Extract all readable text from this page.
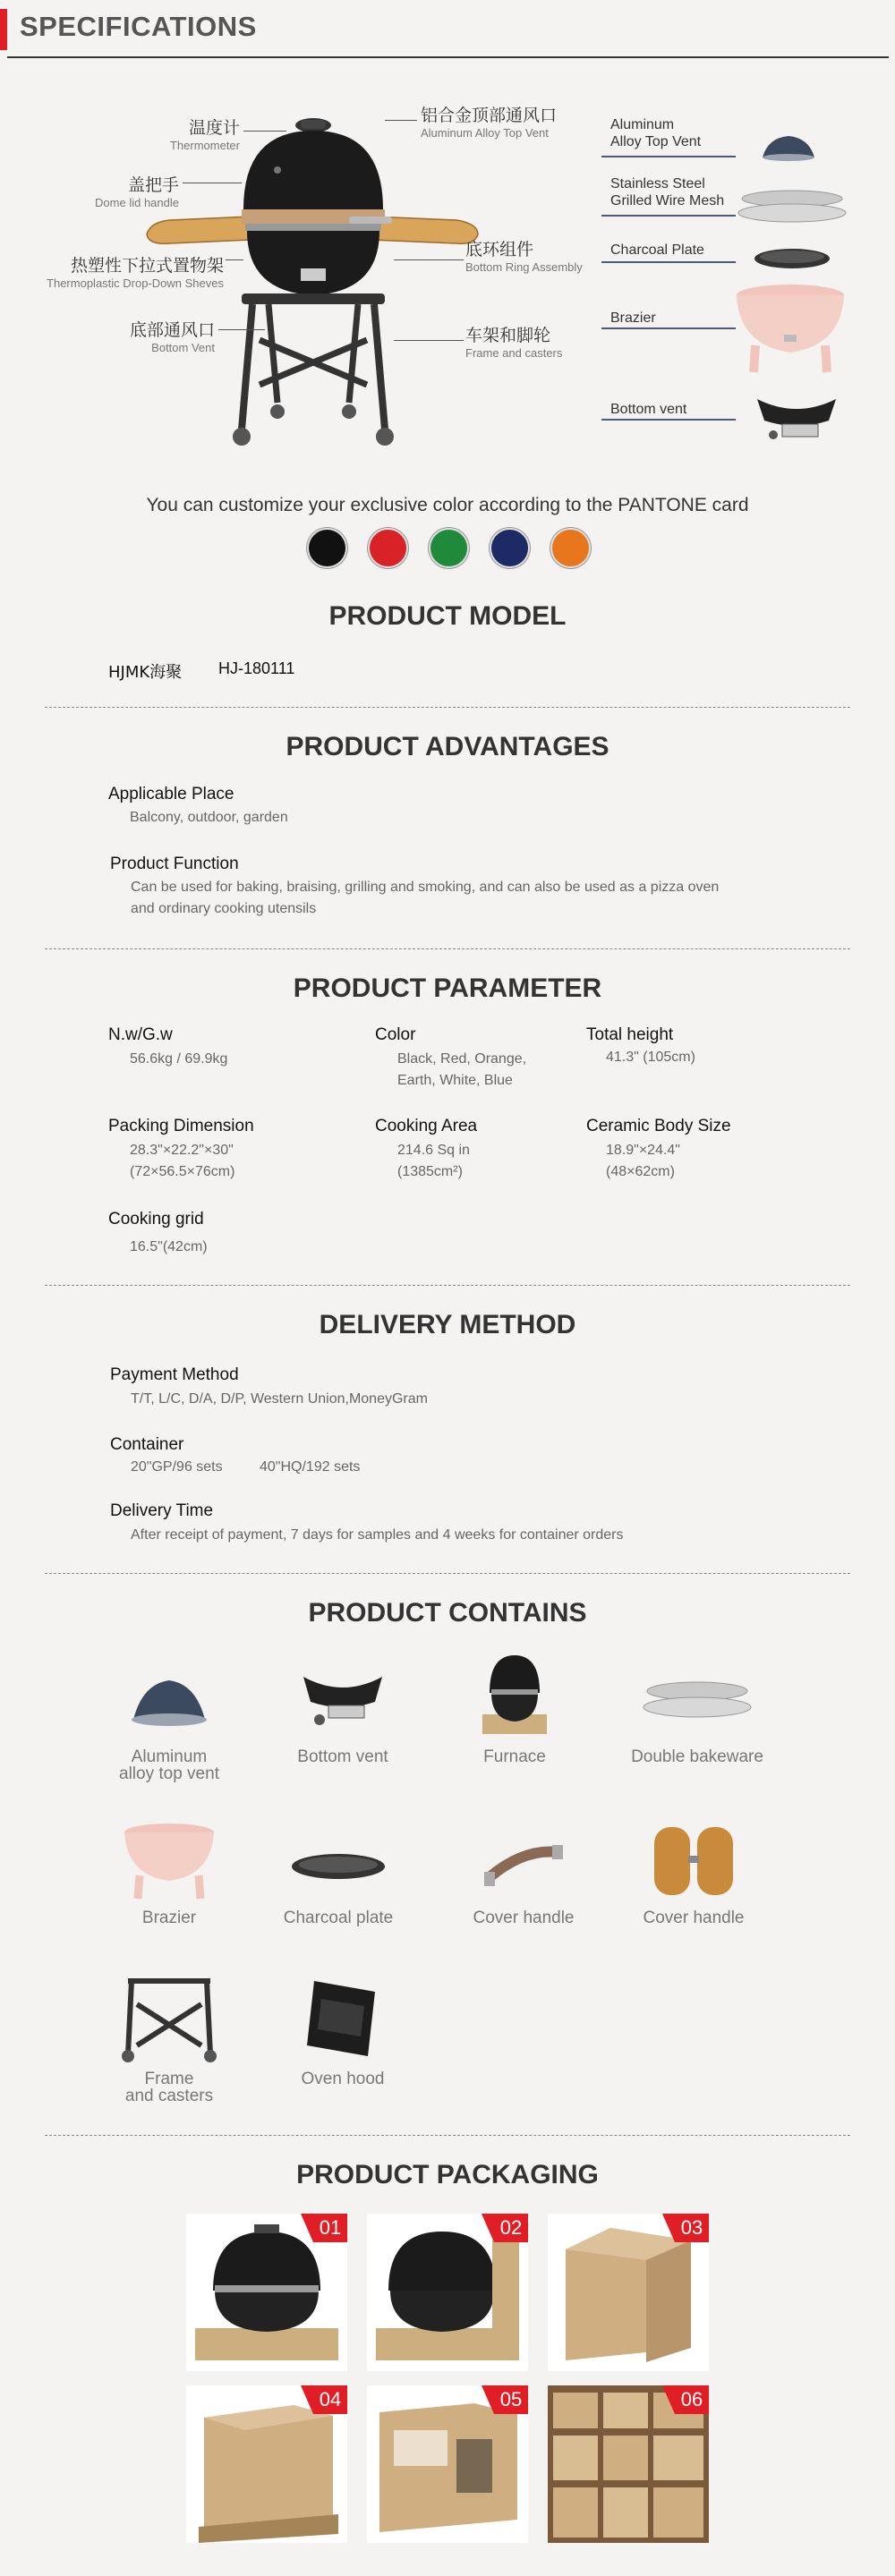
SPECIFICATIONS
温度计
Thermometer
盖把手
Dome lid handle
热塑性下拉式置物架
Thermoplastic Drop-Down Sheves
底部通风口
Bottom Vent
铝合金顶部通风口
Aluminum Alloy Top Vent
底环组件
Bottom Ring Assembly
车架和脚轮
Frame and casters
Aluminum
Alloy Top Vent
Stainless Steel
Grilled Wire Mesh
Charcoal Plate
Brazier
Bottom vent
You can customize your exclusive color according to the PANTONE card
PRODUCT MODEL
HJMK海聚 HJ-180111
PRODUCT ADVANTAGES
Applicable Place
Balcony, outdoor, garden
Product Function
Can be used for baking, braising, grilling and smoking, and can also be used as a pizza oven
and ordinary cooking utensils
PRODUCT PARAMETER
N.w/G.w
56.6kg / 69.9kg
Color
Black, Red, Orange,
Earth, White, Blue
Total height
41.3" (105cm)
Packing Dimension
28.3"×22.2"×30"
(72×56.5×76cm)
Cooking Area
214.6 Sq in
(1385cm²)
Ceramic Body Size
18.9"×24.4"
(48×62cm)
Cooking grid
16.5"(42cm)
DELIVERY METHOD
Payment Method
T/T, L/C, D/A, D/P, Western Union,MoneyGram
Container
20"GP/96 sets	40"HQ/192 sets
Delivery Time
After receipt of payment, 7 days for samples and 4 weeks for container orders
PRODUCT CONTAINS
Aluminum
alloy top vent
Bottom vent	Furnace	Double bakeware
Brazier	Charcoal plate	Cover handle	Cover handle
Frame
and casters
Oven hood
PRODUCT PACKAGING
01	02	03
04	05	06
